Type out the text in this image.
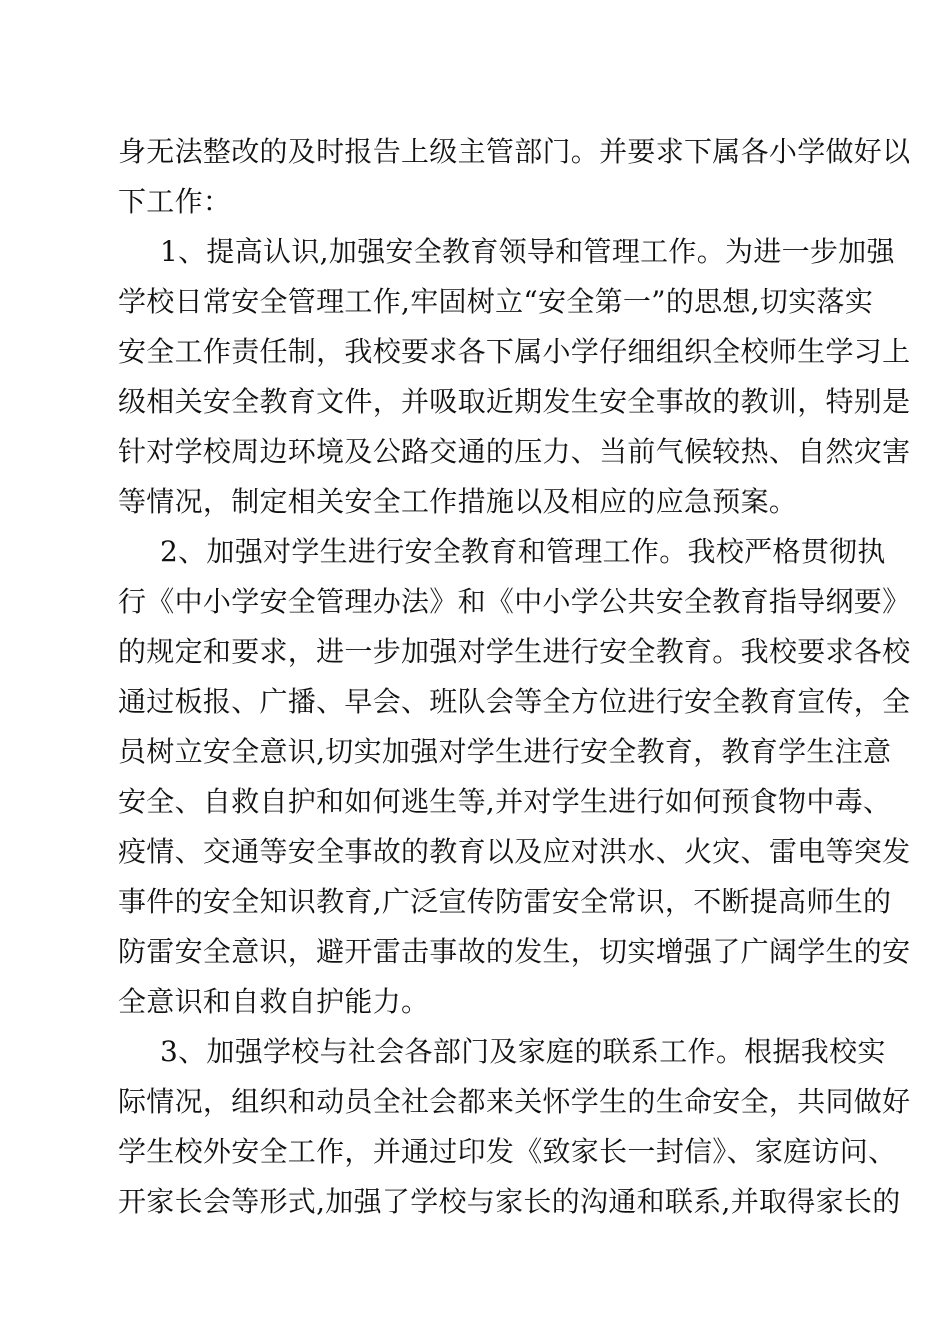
身无法整改的及时报告上级主管部门。并要求下属各小学做好以
下工作：
1、提高认识,加强安全教育领导和管理工作。为进一步加强
学校日常安全管理工作,牢固树立“安全第一”的思想,切实落实
安全工作责任制，我校要求各下属小学仔细组织全校师生学习上
级相关安全教育文件，并吸取近期发生安全事故的教训，特别是
针对学校周边环境及公路交通的压力、当前气候较热、自然灾害
等情况，制定相关安全工作措施以及相应的应急预案。
2、加强对学生进行安全教育和管理工作。我校严格贯彻执
行《中小学安全管理办法》和《中小学公共安全教育指导纲要》
的规定和要求，进一步加强对学生进行安全教育。我校要求各校
通过板报、广播、早会、班队会等全方位进行安全教育宣传，全
员树立安全意识,切实加强对学生进行安全教育，教育学生注意
安全、自救自护和如何逃生等,并对学生进行如何预食物中毒、
疫情、交通等安全事故的教育以及应对洪水、火灾、雷电等突发
事件的安全知识教育,广泛宣传防雷安全常识，不断提高师生的
防雷安全意识，避开雷击事故的发生，切实增强了广阔学生的安
全意识和自救自护能力。
3、加强学校与社会各部门及家庭的联系工作。根据我校实
际情况，组织和动员全社会都来关怀学生的生命安全，共同做好
学生校外安全工作，并通过印发《致家长一封信》、家庭访问、
开家长会等形式,加强了学校与家长的沟通和联系,并取得家长的
